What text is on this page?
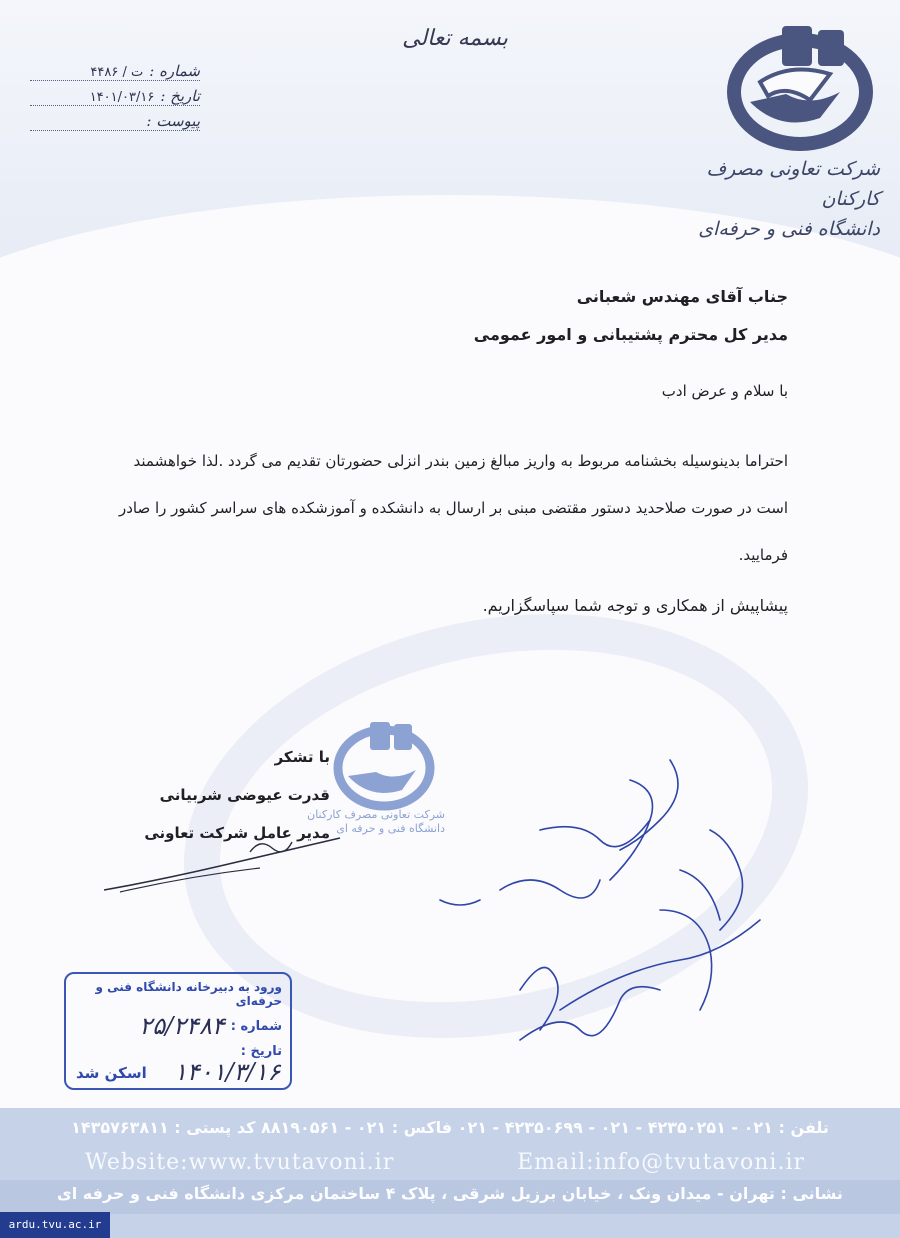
بسمه تعالی
شماره :
۴۴۸۶ / ت
تاریخ :
۱۴۰۱/۰۳/۱۶
پیوست :
شرکت تعاونی مصرف کارکنان
دانشگاه فنی و حرفه‌ای
جناب آقای مهندس شعبانی
مدیر کل محترم پشتیبانی و امور عمومی
با سلام و عرض ادب
احتراما بدینوسیله بخشنامه مربوط به واریز مبالغ زمین بندر انزلی حضورتان تقدیم می گردد .لذا خواهشمند
است در صورت صلاحدید دستور مقتضی مبنی بر ارسال به دانشکده و آموزشکده های سراسر کشور را صادر
فرمایید.
پیشاپیش از همکاری و توجه شما سپاسگزاریم.
شرکت تعاونی مصرف کارکنان
دانشگاه فنی و حرفه ای
با تشکر
قدرت عیوضی شربیانی
مدیر عامل شرکت تعاونی
ورود به دبیرخانه دانشگاه فنی و حرفه‌ای
شماره :
۲۵/۲۴۸۴
تاریخ :
۱۴۰۱/۳/۱۶
اسکن شد
تلفن : ۰۲۱ - ۴۲۳۵۰۲۵۱ - ۰۲۱ - ۴۲۳۵۰۶۹۹ - ۰۲۱ فاکس : ۰۲۱ - ۸۸۱۹۰۵۶۱ کد پستی : ۱۴۳۵۷۶۳۸۱۱
Website:www.tvutavoni.ir	Email:info@tvutavoni.ir
نشانی : تهران - میدان ونک ، خیابان برزیل شرقی ، پلاک ۴ ساختمان مرکزی دانشگاه فنی و حرفه ای
ardu.tvu.ac.ir
